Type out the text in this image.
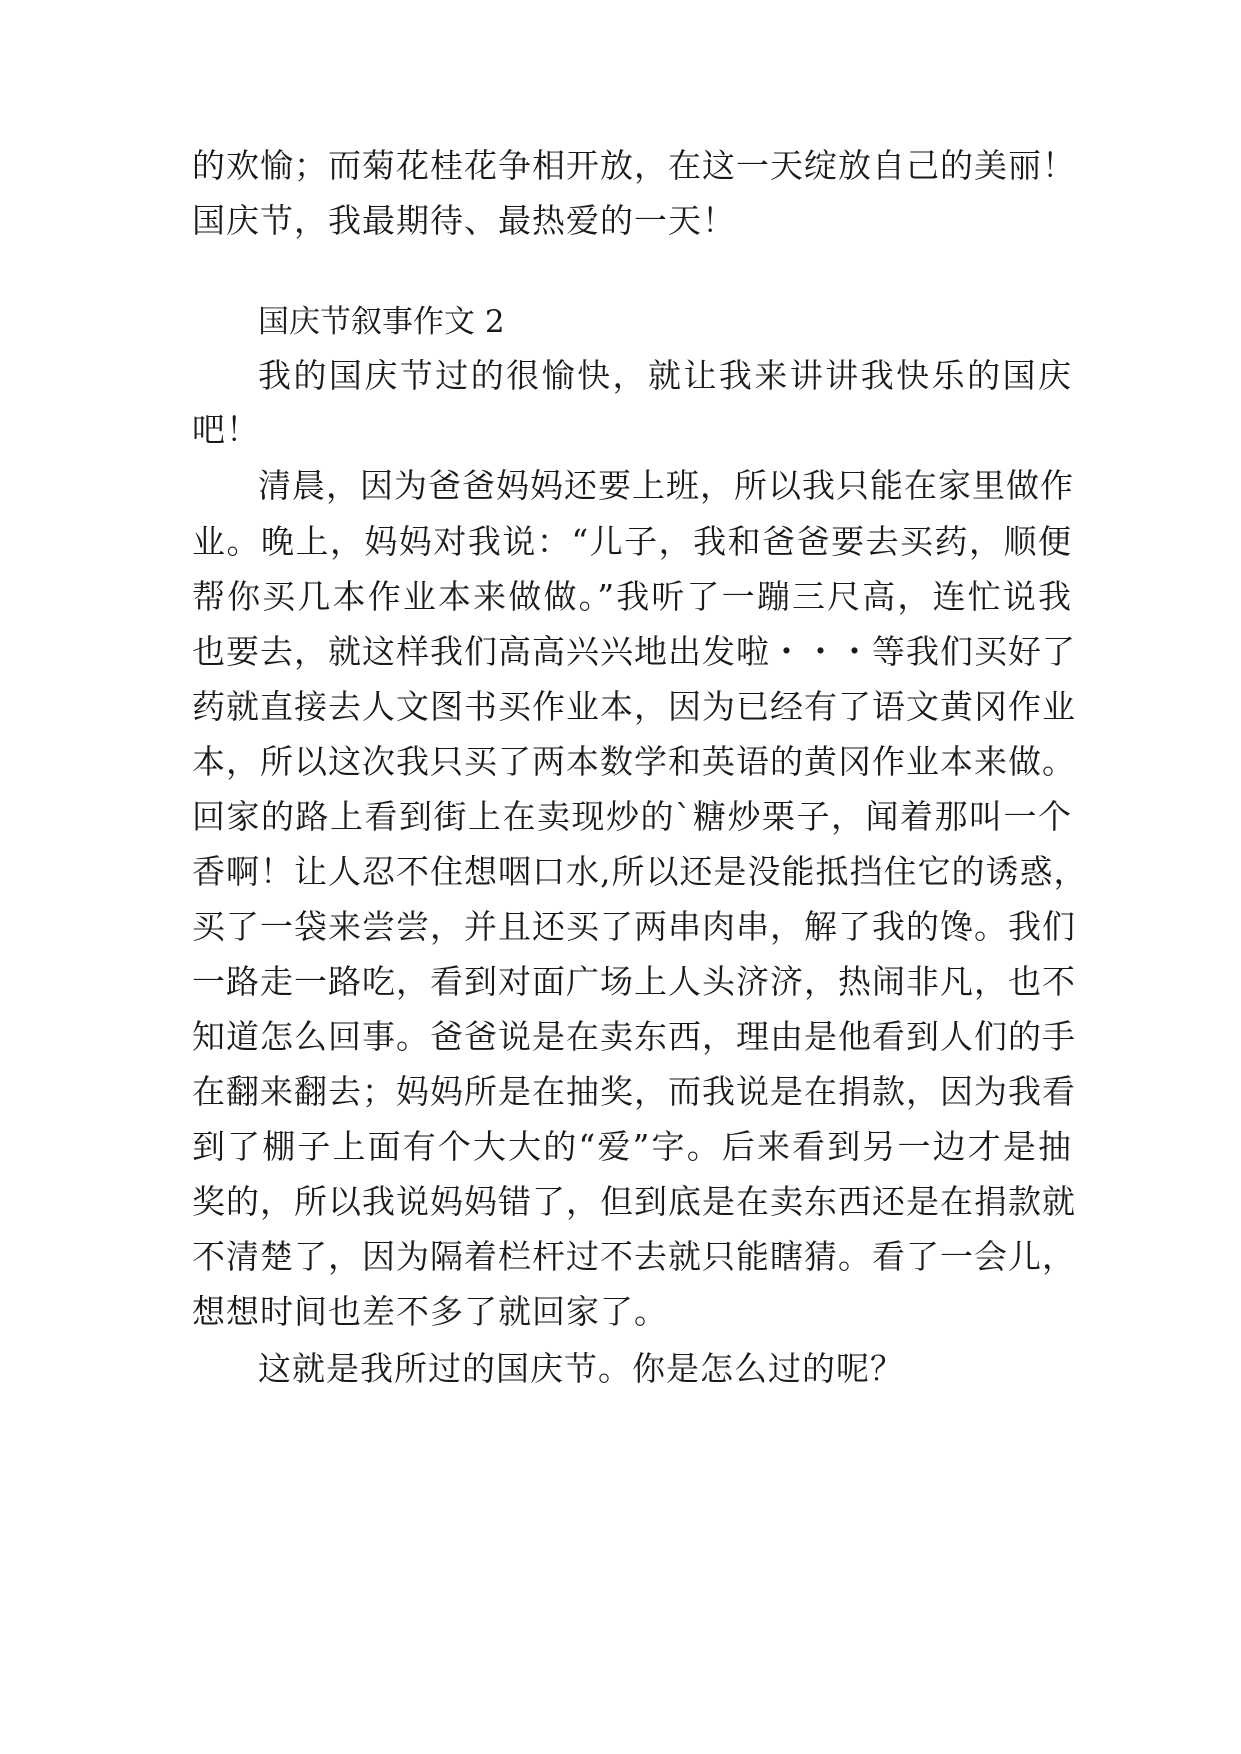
的欢愉；而菊花桂花争相开放，在这一天绽放自己的美丽！
国庆节，我最期待、最热爱的一天！
国庆节叙事作文 2
我的国庆节过的很愉快，就让我来讲讲我快乐的国庆
吧！
清晨，因为爸爸妈妈还要上班，所以我只能在家里做作
业。晚上，妈妈对我说：“儿子，我和爸爸要去买药，顺便
帮你买几本作业本来做做。”我听了一蹦三尺高，连忙说我
也要去，就这样我们高高兴兴地出发啦・・・等我们买好了
药就直接去人文图书买作业本，因为已经有了语文黄冈作业
本，所以这次我只买了两本数学和英语的黄冈作业本来做。
回家的路上看到街上在卖现炒的`糖炒栗子，闻着那叫一个
香啊！让人忍不住想咽口水,所以还是没能抵挡住它的诱惑，
买了一袋来尝尝，并且还买了两串肉串，解了我的馋。我们
一路走一路吃，看到对面广场上人头济济，热闹非凡，也不
知道怎么回事。爸爸说是在卖东西，理由是他看到人们的手
在翻来翻去；妈妈所是在抽奖，而我说是在捐款，因为我看
到了棚子上面有个大大的“爱”字。后来看到另一边才是抽
奖的，所以我说妈妈错了，但到底是在卖东西还是在捐款就
不清楚了，因为隔着栏杆过不去就只能瞎猜。看了一会儿，
想想时间也差不多了就回家了。
这就是我所过的国庆节。你是怎么过的呢？
